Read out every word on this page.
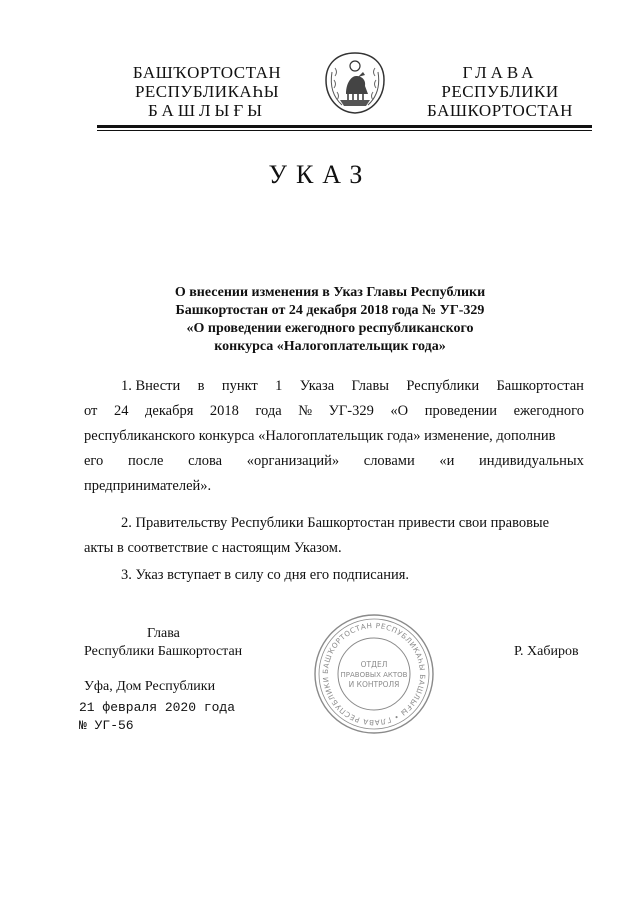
БАШҠОРТОСТАН
РЕСПУБЛИКАҺЫ
БАШЛЫҒЫ
ГЛАВА
РЕСПУБЛИКИ
БАШКОРТОСТАН
УКАЗ
О внесении изменения в Указ Главы Республики
Башкортостан от 24 декабря 2018 года № УГ-329
«О проведении ежегодного республиканского
конкурса «Налогоплательщик года»
1. Внести в пункт 1 Указа Главы Республики Башкортостан
от 24 декабря 2018 года № УГ-329 «О проведении ежегодного
республиканского конкурса «Налогоплательщик года» изменение, дополнив
его после слова «организаций» словами «и индивидуальных
предпринимателей».
2. Правительству Республики Башкортостан привести свои правовые
акты в соответствие с настоящим Указом.
3. Указ вступает в силу со дня его подписания.
Глава
Республики Башкортостан
БАШҠОРТОСТАН РЕСПУБЛИКАҺЫ БАШЛЫҒЫ • ГЛАВА РЕСПУБЛИКИ
ОТДЕЛ
ПРАВОВЫХ АКТОВ
И КОНТРОЛЯ
Р. Хабиров
Уфа, Дом Республики
21 февраля 2020 года
№ УГ-56
